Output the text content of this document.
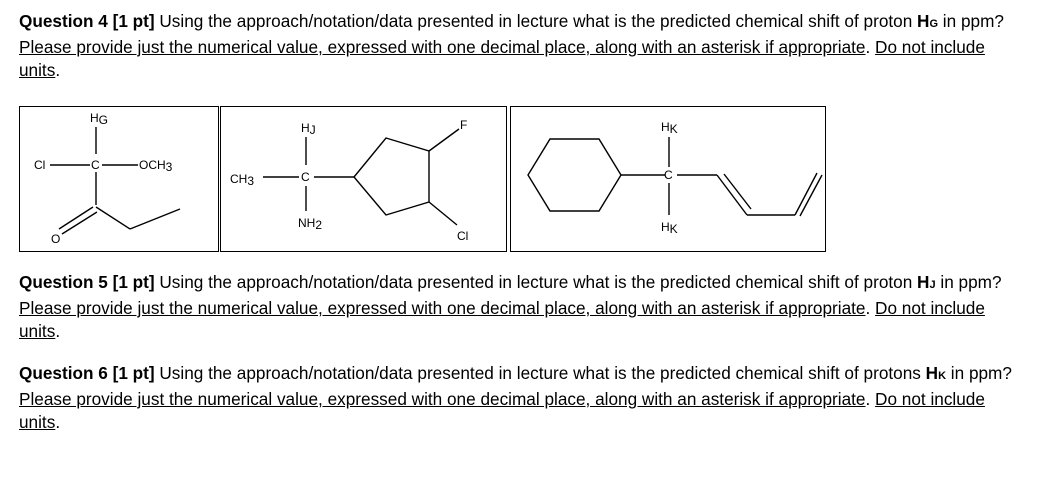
Question 4 [1 pt] Using the approach/notation/data presented in lecture what is the predicted chemical shift of proton HG in ppm? Please provide just the numerical value, expressed with one decimal place, along with an asterisk if appropriate. Do not include units.
HG
Cl	C	OCH3
O
HJ
CH3	C
NH2
F
Cl
HK
C
HK
Question 5 [1 pt] Using the approach/notation/data presented in lecture what is the predicted chemical shift of proton HJ in ppm? Please provide just the numerical value, expressed with one decimal place, along with an asterisk if appropriate. Do not include units.
Question 6 [1 pt] Using the approach/notation/data presented in lecture what is the predicted chemical shift of protons HK in ppm? Please provide just the numerical value, expressed with one decimal place, along with an asterisk if appropriate. Do not include units.
